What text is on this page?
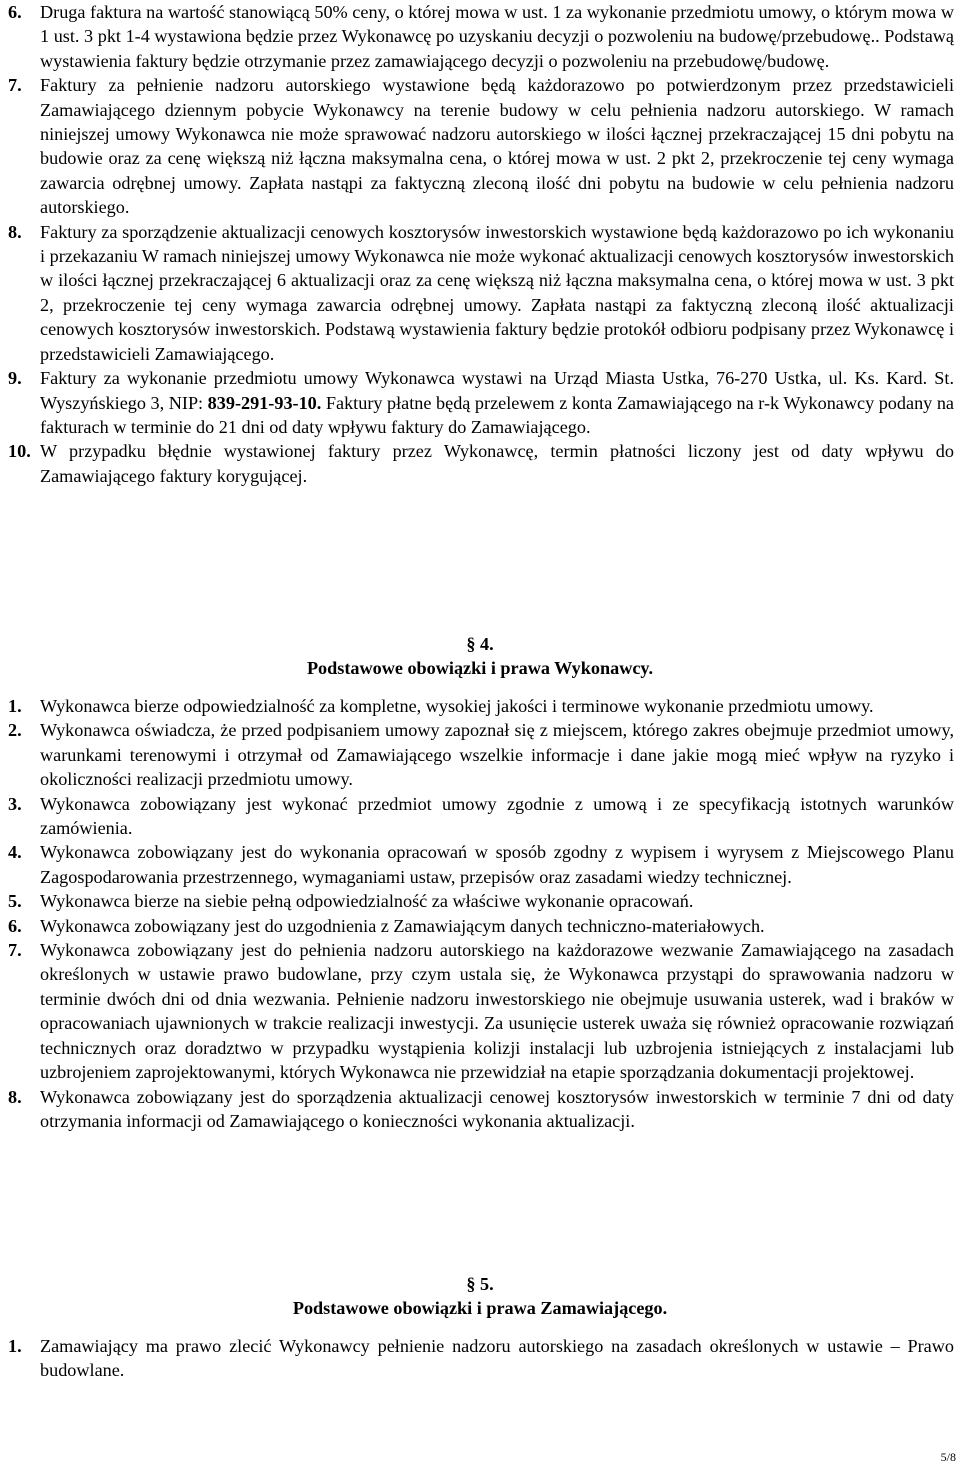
6. Druga faktura na wartość stanowiącą 50% ceny, o której mowa w ust. 1 za wykonanie przedmiotu umowy, o którym mowa w 1 ust. 3 pkt 1-4 wystawiona będzie przez Wykonawcę po uzyskaniu decyzji o pozwoleniu na budowę/przebudowę.. Podstawą wystawienia faktury będzie otrzymanie przez zamawiającego decyzji o pozwoleniu na przebudowę/budowę.
7. Faktury za pełnienie nadzoru autorskiego wystawione będą każdorazowo po potwierdzonym przez przedstawicieli Zamawiającego dziennym pobycie Wykonawcy na terenie budowy w celu pełnienia nadzoru autorskiego. W ramach niniejszej umowy Wykonawca nie może sprawować nadzoru autorskiego w ilości łącznej przekraczającej 15 dni pobytu na budowie oraz za cenę większą niż łączna maksymalna cena, o której mowa w ust. 2 pkt 2, przekroczenie tej ceny wymaga zawarcia odrębnej umowy. Zapłata nastąpi za faktyczną zleconą ilość dni pobytu na budowie w celu pełnienia nadzoru autorskiego.
8. Faktury za sporządzenie aktualizacji cenowych kosztorysów inwestorskich wystawione będą każdorazowo po ich wykonaniu i przekazaniu W ramach niniejszej umowy Wykonawca nie może wykonać aktualizacji cenowych kosztorysów inwestorskich w ilości łącznej przekraczającej 6 aktualizacji oraz za cenę większą niż łączna maksymalna cena, o której mowa w ust. 3 pkt 2, przekroczenie tej ceny wymaga zawarcia odrębnej umowy. Zapłata nastąpi za faktyczną zleconą ilość aktualizacji cenowych kosztorysów inwestorskich. Podstawą wystawienia faktury będzie protokół odbioru podpisany przez Wykonawcę i przedstawicieli Zamawiającego.
9. Faktury za wykonanie przedmiotu umowy Wykonawca wystawi na Urząd Miasta Ustka, 76-270 Ustka, ul. Ks. Kard. St. Wyszyńskiego 3, NIP: 839-291-93-10. Faktury płatne będą przelewem z konta Zamawiającego na r-k Wykonawcy podany na fakturach w terminie do 21 dni od daty wpływu faktury do Zamawiającego.
10. W przypadku błędnie wystawionej faktury przez Wykonawcę, termin płatności liczony jest od daty wpływu do Zamawiającego faktury korygującej.
§ 4.
Podstawowe obowiązki i prawa Wykonawcy.
1. Wykonawca bierze odpowiedzialność za kompletne, wysokiej jakości i terminowe wykonanie przedmiotu umowy.
2. Wykonawca oświadcza, że przed podpisaniem umowy zapoznał się z miejscem, którego zakres obejmuje przedmiot umowy, warunkami terenowymi i otrzymał od Zamawiającego wszelkie informacje i dane jakie mogą mieć wpływ na ryzyko i okoliczności realizacji przedmiotu umowy.
3. Wykonawca zobowiązany jest wykonać przedmiot umowy zgodnie z umową i ze specyfikacją istotnych warunków zamówienia.
4. Wykonawca zobowiązany jest do wykonania opracowań w sposób zgodny z wypisem i wyrysem z Miejscowego Planu Zagospodarowania przestrzennego, wymaganiami ustaw, przepisów oraz zasadami wiedzy technicznej.
5. Wykonawca bierze na siebie pełną odpowiedzialność za właściwe wykonanie opracowań.
6. Wykonawca zobowiązany jest do uzgodnienia z Zamawiającym danych techniczno-materiałowych.
7. Wykonawca zobowiązany jest do pełnienia nadzoru autorskiego na każdorazowe wezwanie Zamawiającego na zasadach określonych w ustawie prawo budowlane, przy czym ustala się, że Wykonawca przystąpi do sprawowania nadzoru w terminie dwóch dni od dnia wezwania. Pełnienie nadzoru inwestorskiego nie obejmuje usuwania usterek, wad i braków w opracowaniach ujawnionych w trakcie realizacji inwestycji. Za usunięcie usterek uważa się również opracowanie rozwiązań technicznych oraz doradztwo w przypadku wystąpienia kolizji instalacji lub uzbrojenia istniejących z instalacjami lub uzbrojeniem zaprojektowanymi, których Wykonawca nie przewidział na etapie sporządzania dokumentacji projektowej.
8. Wykonawca zobowiązany jest do sporządzenia aktualizacji cenowej kosztorysów inwestorskich w terminie 7 dni od daty otrzymania informacji od Zamawiającego o konieczności wykonania aktualizacji.
§ 5.
Podstawowe obowiązki i prawa Zamawiającego.
1. Zamawiający ma prawo zlecić Wykonawcy pełnienie nadzoru autorskiego na zasadach określonych w ustawie – Prawo budowlane.
5/8
